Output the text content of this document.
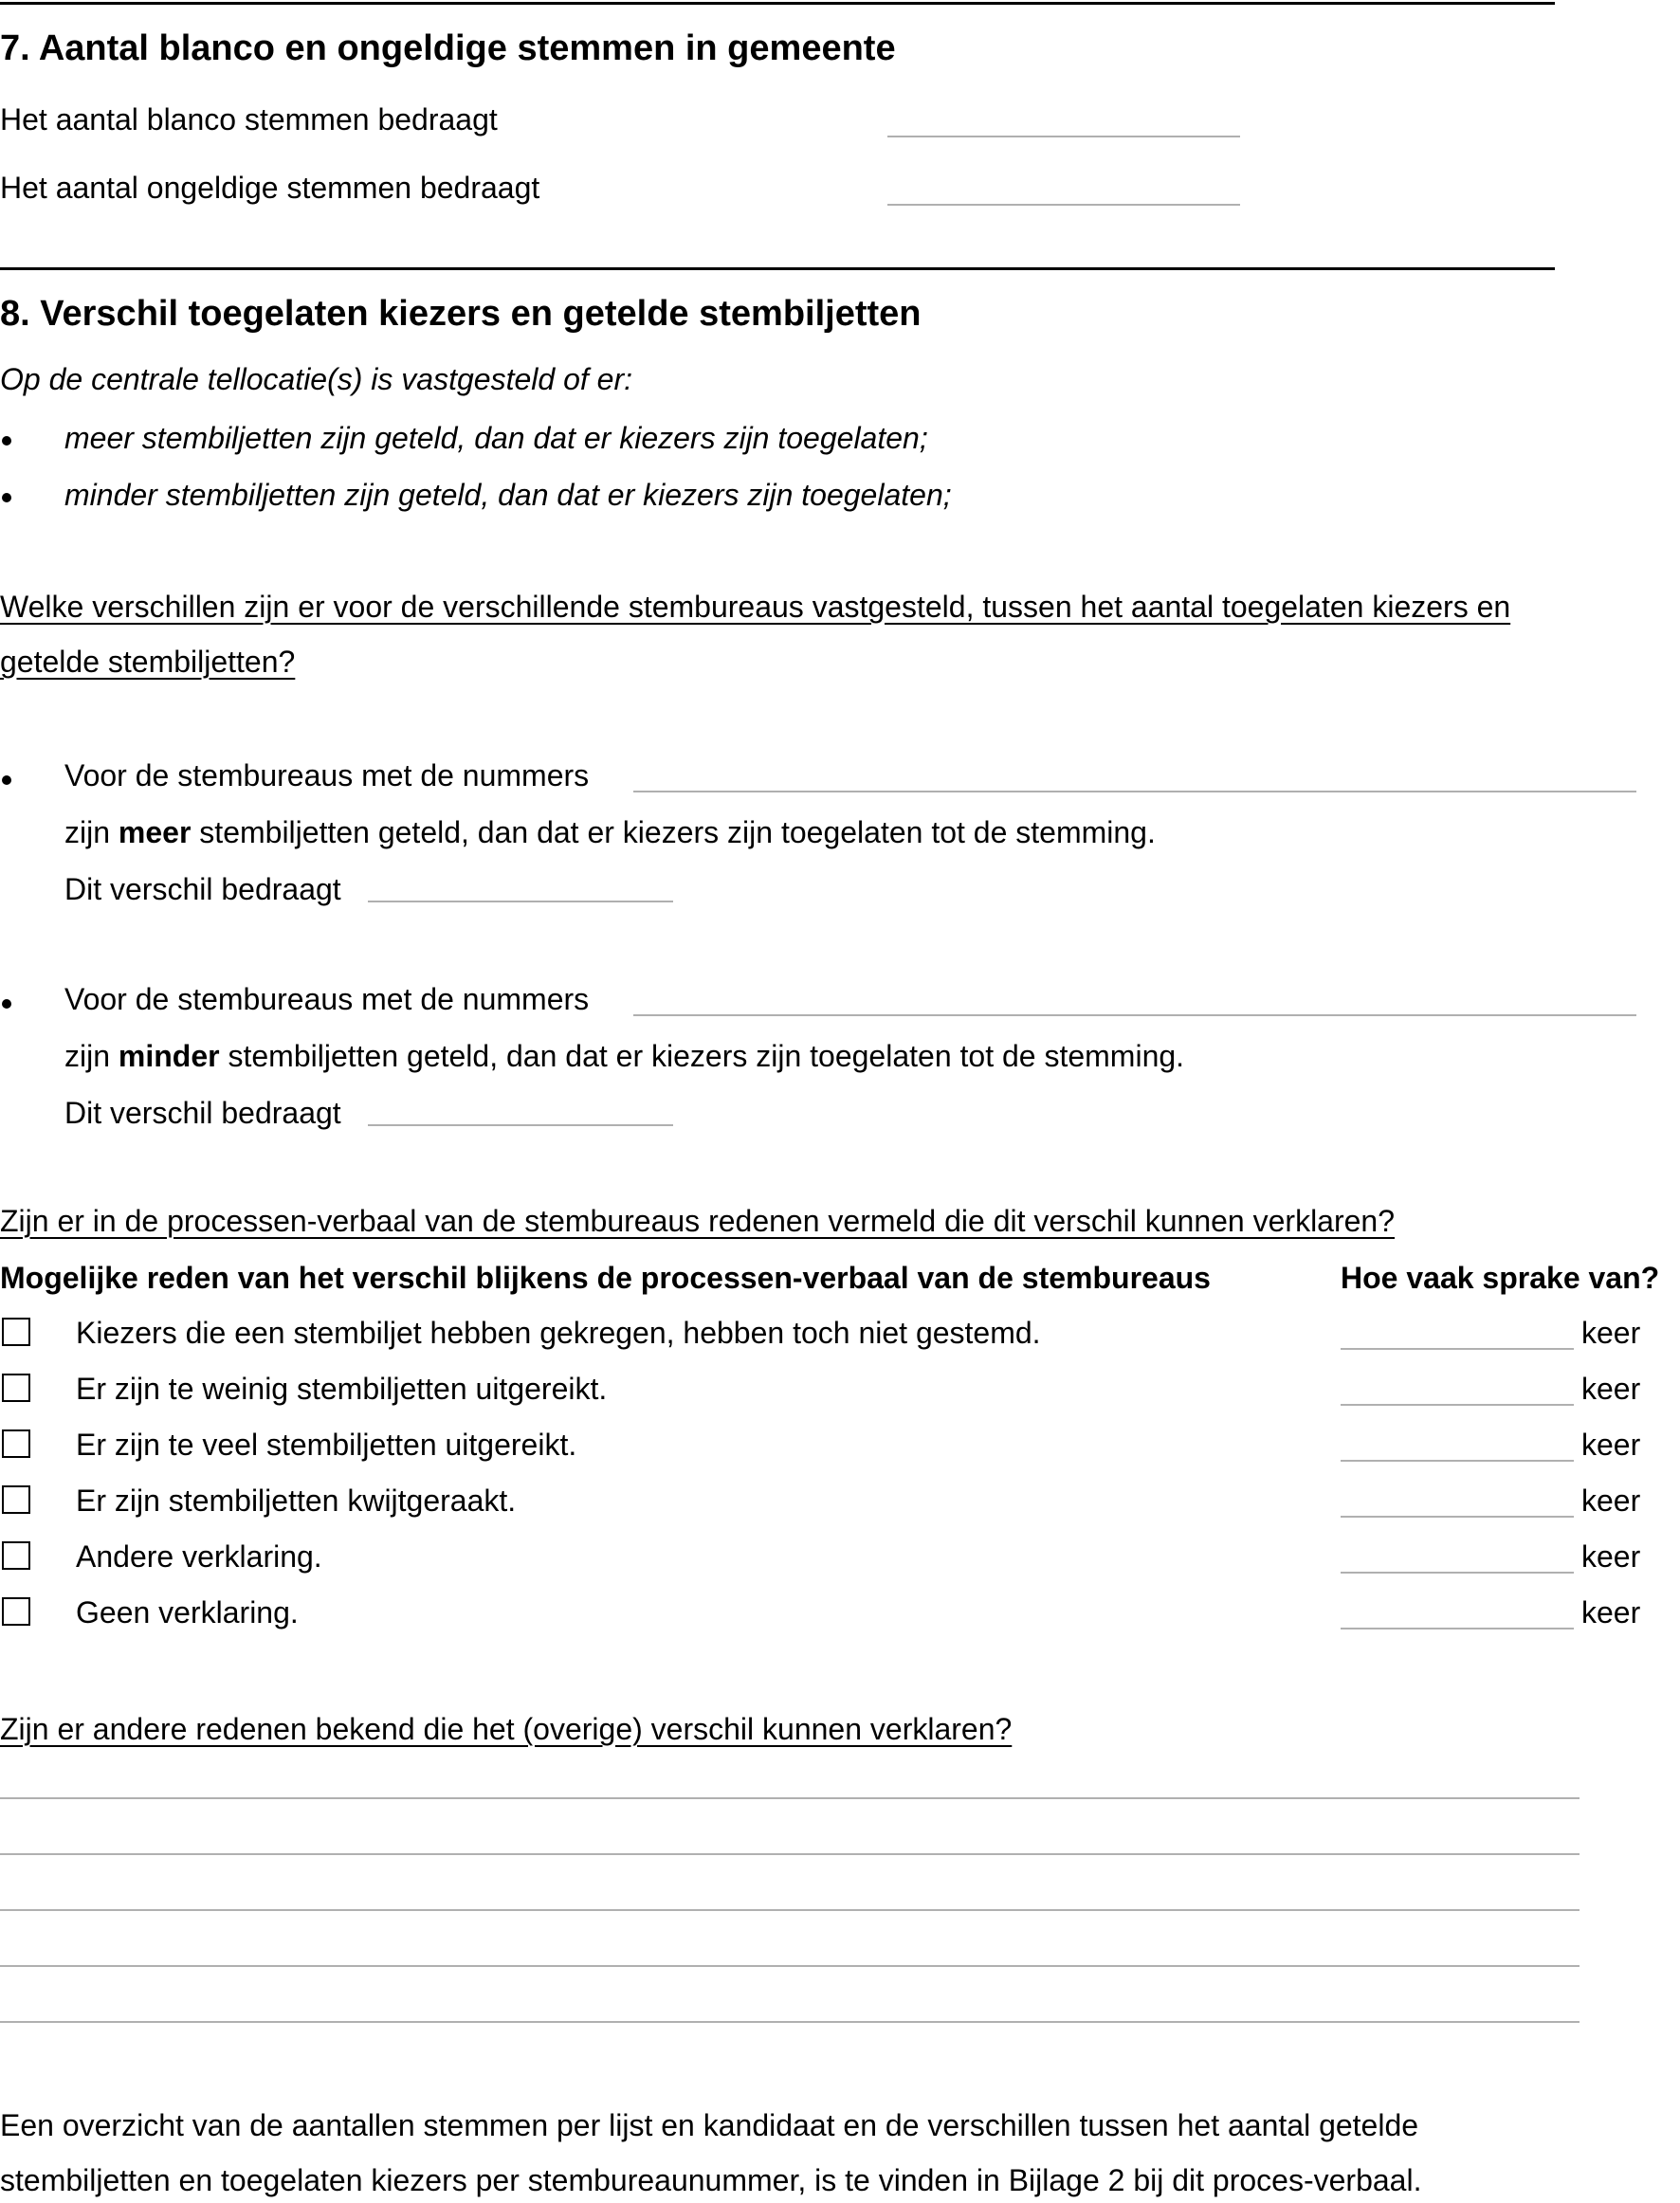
7. Aantal blanco en ongeldige stemmen in gemeente
Het aantal blanco stemmen bedraagt
Het aantal ongeldige stemmen bedraagt
8. Verschil toegelaten kiezers en getelde stembiljetten
Op de centrale tellocatie(s) is vastgesteld of er:
meer stembiljetten zijn geteld, dan dat er kiezers zijn toegelaten;
minder stembiljetten zijn geteld, dan dat er kiezers zijn toegelaten;
Welke verschillen zijn er voor de verschillende stembureaus vastgesteld, tussen het aantal toegelaten kiezers en
getelde stembiljetten?
Voor de stembureaus met de nummers
zijn meer stembiljetten geteld, dan dat er kiezers zijn toegelaten tot de stemming.
Dit verschil bedraagt
Voor de stembureaus met de nummers
zijn minder stembiljetten geteld, dan dat er kiezers zijn toegelaten tot de stemming.
Dit verschil bedraagt
Zijn er in de processen-verbaal van de stembureaus redenen vermeld die dit verschil kunnen verklaren?
Mogelijke reden van het verschil blijkens de processen-verbaal van de stembureaus	Hoe vaak sprake van?
Kiezers die een stembiljet hebben gekregen, hebben toch niet gestemd.	keer
Er zijn te weinig stembiljetten uitgereikt.	keer
Er zijn te veel stembiljetten uitgereikt.	keer
Er zijn stembiljetten kwijtgeraakt.	keer
Andere verklaring.	keer
Geen verklaring.	keer
Zijn er andere redenen bekend die het (overige) verschil kunnen verklaren?
Een overzicht van de aantallen stemmen per lijst en kandidaat en de verschillen tussen het aantal getelde
stembiljetten en toegelaten kiezers per stembureaunummer, is te vinden in Bijlage 2 bij dit proces-verbaal.
